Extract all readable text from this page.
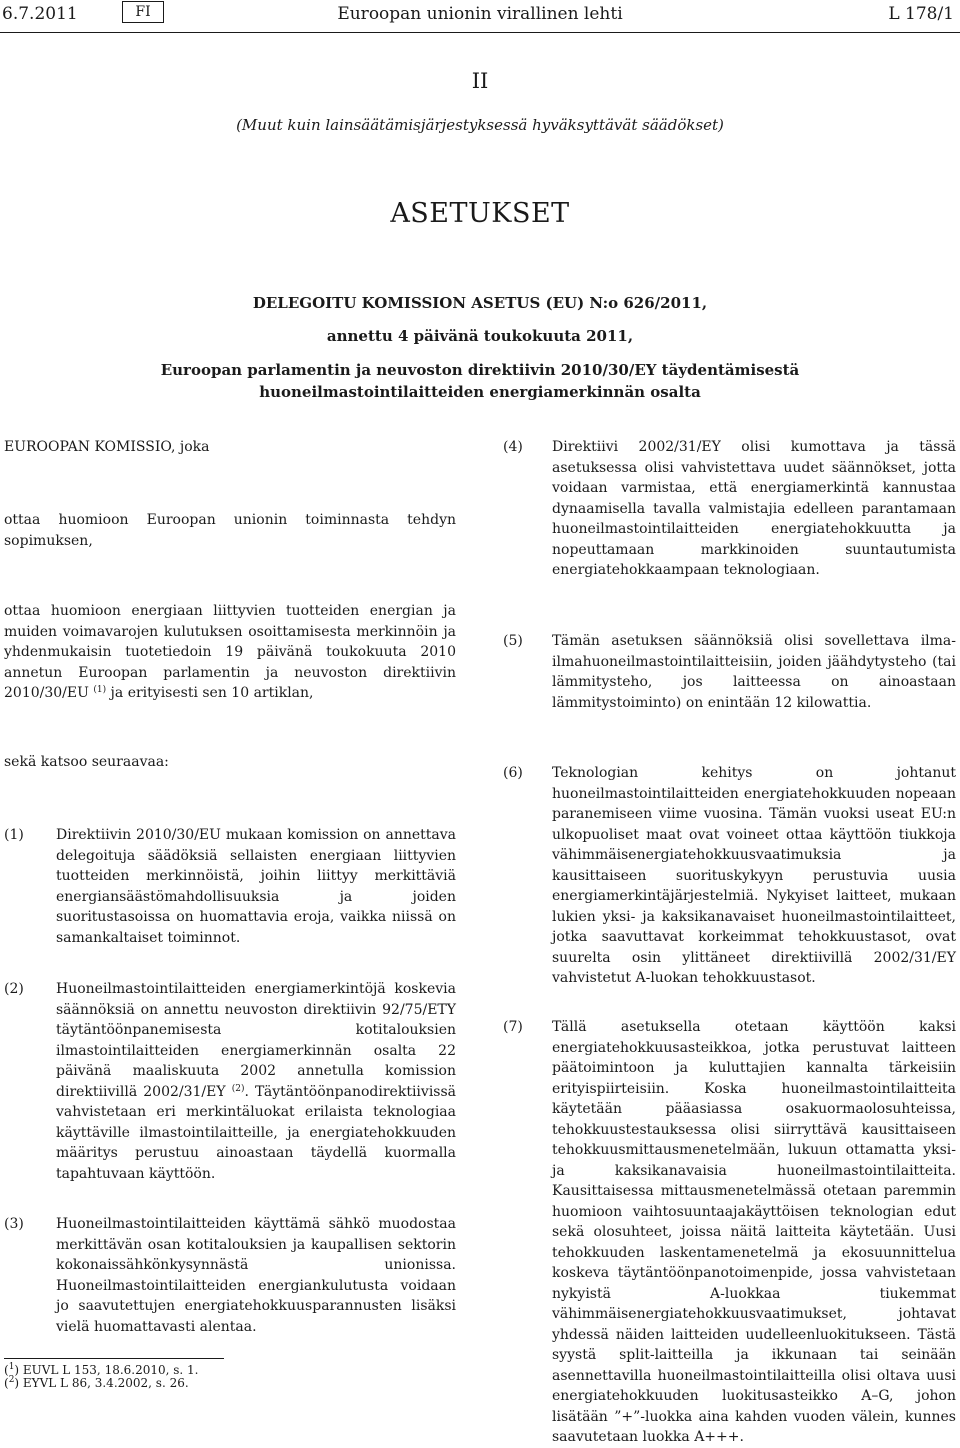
6.7.2011	FI	Euroopan unionin virallinen lehti	L 178/1
II
(Muut kuin lainsäätämisjärjestyksessä hyväksyttävät säädökset)
ASETUKSET
DELEGOITU KOMISSION ASETUS (EU) N:o 626/2011,
annettu 4 päivänä toukokuuta 2011,
Euroopan parlamentin ja neuvoston direktiivin 2010/30/EY täydentämisestä
huoneilmastointilaitteiden energiamerkinnän osalta

EUROOPAN KOMISSIO, joka

ottaa huomioon Euroopan unionin toiminnasta tehdyn sopimuksen,

ottaa huomioon energiaan liittyvien tuotteiden energian ja muiden voimavarojen kulutuksen osoittamisesta merkinnöin ja yhdenmukaisin tuotetiedoin 19 päivänä toukokuuta 2010 annetun Euroopan parlamentin ja neuvoston direktiivin 2010/30/EU $^{(1)}$ ja erityisesti sen 10 artiklan,

sekä katsoo seuraavaa:

(1)	Direktiivin 2010/30/EU mukaan komission on annettava delegoituja säädöksiä sellaisten energiaan liittyvien tuotteiden merkinnöistä, joihin liittyy merkittäviä energiansäästömahdollisuuksia ja joiden suoritustasoissa on huomattavia eroja, vaikka niissä on samankaltaiset toiminnot.

(2)	Huoneilmastointilaitteiden energiamerkintöjä koskevia säännöksiä on annettu neuvoston direktiivin 92/75/ETY täytäntöönpanemisesta kotitalouksien ilmastointilaitteiden energiamerkinnän osalta 22 päivänä maaliskuuta 2002 annetulla komission direktiivillä 2002/31/EY $^{(2)}$. Täytäntöönpanodirektiivissä vahvistetaan eri merkintäluokat erilaista teknologiaa käyttäville ilmastointilaitteille, ja energiatehokkuuden määritys perustuu ainoastaan täydellä kuormalla tapahtuvaan käyttöön.

(3)	Huoneilmastointilaitteiden käyttämä sähkö muodostaa merkittävän osan kotitalouksien ja kaupallisen sektorin kokonaissähkönkysynnästä unionissa. Huoneilmastointilaitteiden energiankulutusta voidaan jo saavutettujen energiatehokkuusparannusten lisäksi vielä huomattavasti alentaa.

(4)	Direktiivi 2002/31/EY olisi kumottava ja tässä asetuksessa olisi vahvistettava uudet säännökset, jotta voidaan varmistaa, että energiamerkintä kannustaa dynaamisella tavalla valmistajia edelleen parantamaan huoneilmastointilaitteiden energiatehokkuutta ja nopeuttamaan markkinoiden suuntautumista energiatehokkaampaan teknologiaan.

(5)	Tämän asetuksen säännöksiä olisi sovellettava ilma-ilmahuoneilmastointilaitteisiin, joiden jäähdytysteho (tai lämmitysteho, jos laitteessa on ainoastaan lämmitystoiminto) on enintään 12 kilowattia.

(6)	Teknologian kehitys on johtanut huoneilmastointilaitteiden energiatehokkuuden nopeaan paranemiseen viime vuosina. Tämän vuoksi useat EU:n ulkopuoliset maat ovat voineet ottaa käyttöön tiukkoja vähimmäisenergiatehokkuusvaatimuksia ja kausittaiseen suorituskykyyn perustuvia uusia energiamerkintäjärjestelmiä. Nykyiset laitteet, mukaan lukien yksi- ja kaksikanavaiset huoneilmastointilaitteet, jotka saavuttavat korkeimmat tehokkuustasot, ovat suurelta osin ylittäneet direktiivillä 2002/31/EY vahvistetut A-luokan tehokkuustasot.

(7)	Tällä asetuksella otetaan käyttöön kaksi energiatehokkuusasteikkoa, jotka perustuvat laitteen päätoimintoon ja kuluttajien kannalta tärkeisiin erityispiirteisiin. Koska huoneilmastointilaitteita käytetään pääasiassa osakuormaolosuhteissa, tehokkuustestauksessa olisi siirryttävä kausittaiseen tehokkuusmittausmenetelmään, lukuun ottamatta yksi- ja kaksikanavaisia huoneilmastointilaitteita. Kausittaisessa mittausmenetelmässä otetaan paremmin huomioon vaihtosuuntaajakäyttöisen teknologian edut sekä olosuhteet, joissa näitä laitteita käytetään. Uusi tehokkuuden laskentamenetelmä ja ekosuunnittelua koskeva täytäntöönpanotoimenpide, jossa vahvistetaan nykyistä A-luokkaa tiukemmat vähimmäisenergiatehokkuusvaatimukset, johtavat yhdessä näiden laitteiden uudelleenluokitukseen. Tästä syystä split-laitteilla ja ikkunaan tai seinään asennettavilla huoneilmastointilaitteilla olisi oltava uusi energiatehokkuuden luokitusasteikko A–G, johon lisätään ”+”-luokka aina kahden vuoden välein, kunnes saavutetaan luokka A+++.

($^1$) EUVL L 153, 18.6.2010, s. 1.
($^2$) EYVL L 86, 3.4.2002, s. 26.
